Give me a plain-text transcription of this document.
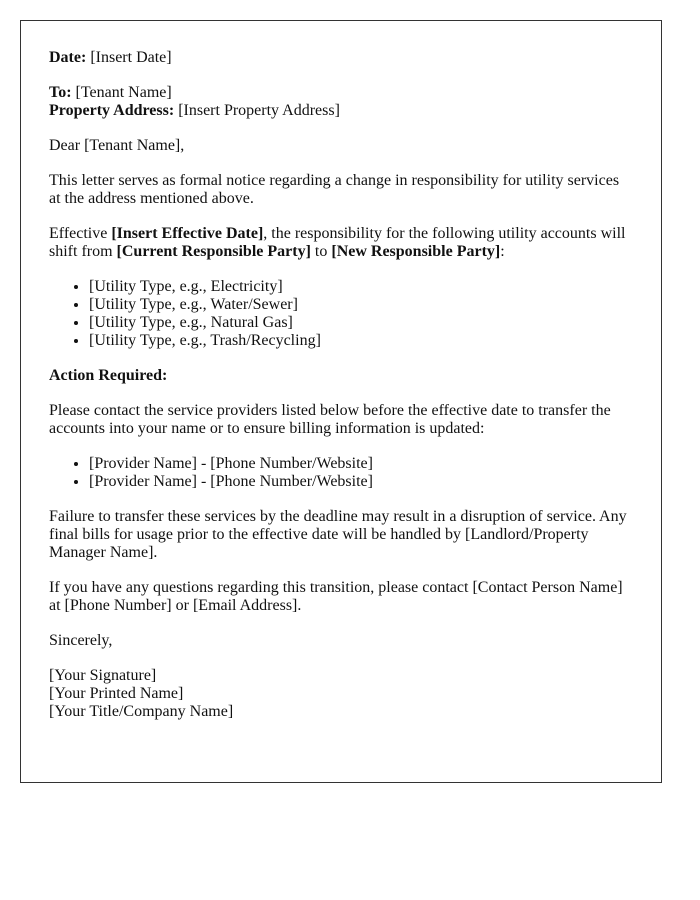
Date: [Insert Date]

To: [Tenant Name]
Property Address: [Insert Property Address]

Dear [Tenant Name],

This letter serves as formal notice regarding a change in responsibility for utility services at the address mentioned above.

Effective [Insert Effective Date], the responsibility for the following utility accounts will shift from [Current Responsible Party] to [New Responsible Party]:

• [Utility Type, e.g., Electricity]
• [Utility Type, e.g., Water/Sewer]
• [Utility Type, e.g., Natural Gas]
• [Utility Type, e.g., Trash/Recycling]

Action Required:

Please contact the service providers listed below before the effective date to transfer the accounts into your name or to ensure billing information is updated:

• [Provider Name] - [Phone Number/Website]
• [Provider Name] - [Phone Number/Website]

Failure to transfer these services by the deadline may result in a disruption of service. Any final bills for usage prior to the effective date will be handled by [Landlord/Property Manager Name].

If you have any questions regarding this transition, please contact [Contact Person Name] at [Phone Number] or [Email Address].

Sincerely,

[Your Signature]
[Your Printed Name]
[Your Title/Company Name]
